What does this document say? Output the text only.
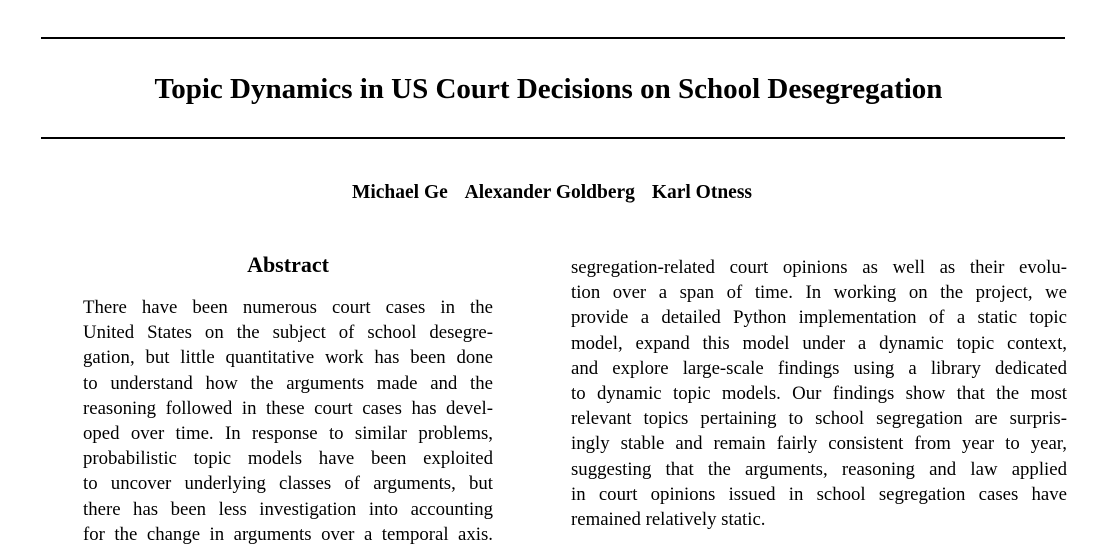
Topic Dynamics in US Court Decisions on School Desegregation
Michael Ge Alexander Goldberg Karl Otness
Abstract
There have been numerous court cases in the
United States on the subject of school desegre-
gation, but little quantitative work has been done
to understand how the arguments made and the
reasoning followed in these court cases has devel-
oped over time. In response to similar problems,
probabilistic topic models have been exploited
to uncover underlying classes of arguments, but
there has been less investigation into accounting
for the change in arguments over a temporal axis.
segregation-related court opinions as well as their evolu-
tion over a span of time. In working on the project, we
provide a detailed Python implementation of a static topic
model, expand this model under a dynamic topic context,
and explore large-scale findings using a library dedicated
to dynamic topic models. Our findings show that the most
relevant topics pertaining to school segregation are surpris-
ingly stable and remain fairly consistent from year to year,
suggesting that the arguments, reasoning and law applied
in court opinions issued in school segregation cases have
remained relatively static.
